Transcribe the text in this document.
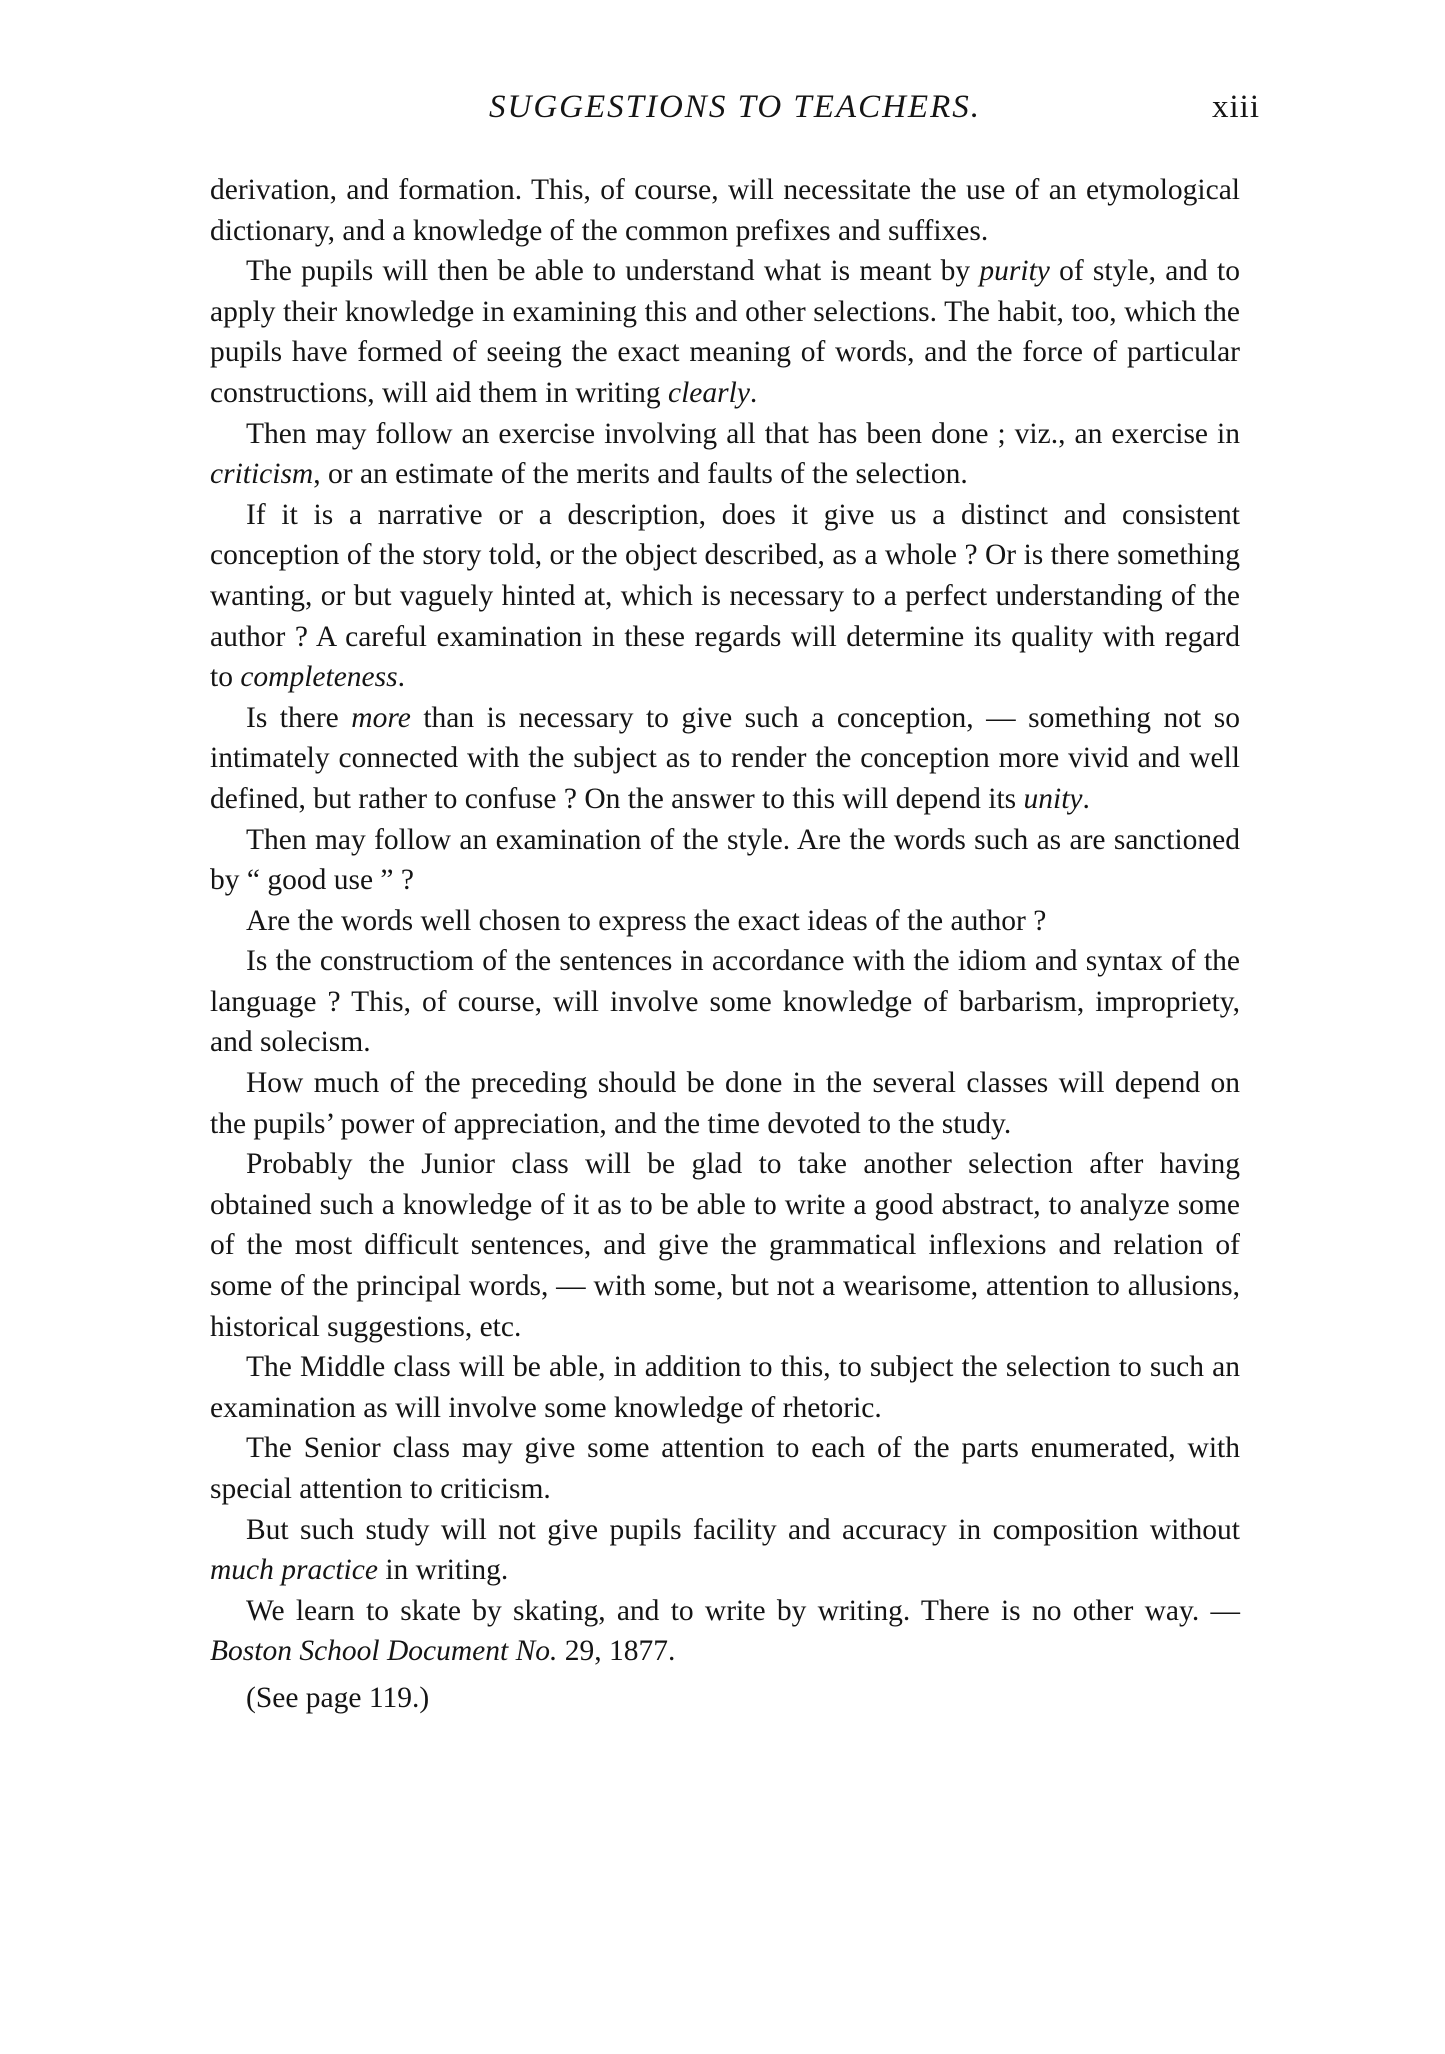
SUGGESTIONS TO TEACHERS.	xiii

derivation, and formation. This, of course, will necessitate the use of an etymological dictionary, and a knowledge of the common prefixes and suffixes.

The pupils will then be able to understand what is meant by purity of style, and to apply their knowledge in examining this and other selections. The habit, too, which the pupils have formed of seeing the exact meaning of words, and the force of particular constructions, will aid them in writing clearly.

Then may follow an exercise involving all that has been done ; viz., an exercise in criticism, or an estimate of the merits and faults of the selection.

If it is a narrative or a description, does it give us a distinct and consistent conception of the story told, or the object described, as a whole ? Or is there something wanting, or but vaguely hinted at, which is necessary to a perfect understanding of the author ? A careful examination in these regards will determine its quality with regard to completeness.

Is there more than is necessary to give such a conception, — something not so intimately connected with the subject as to render the conception more vivid and well defined, but rather to confuse ? On the answer to this will depend its unity.

Then may follow an examination of the style. Are the words such as are sanctioned by “ good use ” ?

Are the words well chosen to express the exact ideas of the author ?

Is the constructiom of the sentences in accordance with the idiom and syntax of the language ? This, of course, will involve some knowledge of barbarism, impropriety, and solecism.

How much of the preceding should be done in the several classes will depend on the pupils’ power of appreciation, and the time devoted to the study.

Probably the Junior class will be glad to take another selection after having obtained such a knowledge of it as to be able to write a good abstract, to analyze some of the most difficult sentences, and give the grammatical inflexions and relation of some of the principal words, — with some, but not a wearisome, attention to allusions, historical suggestions, etc.

The Middle class will be able, in addition to this, to subject the selection to such an examination as will involve some knowledge of rhetoric.

The Senior class may give some attention to each of the parts enumerated, with special attention to criticism.

But such study will not give pupils facility and accuracy in composition without much practice in writing.

We learn to skate by skating, and to write by writing. There is no other way. — Boston School Document No. 29, 1877.

(See page 119.)
